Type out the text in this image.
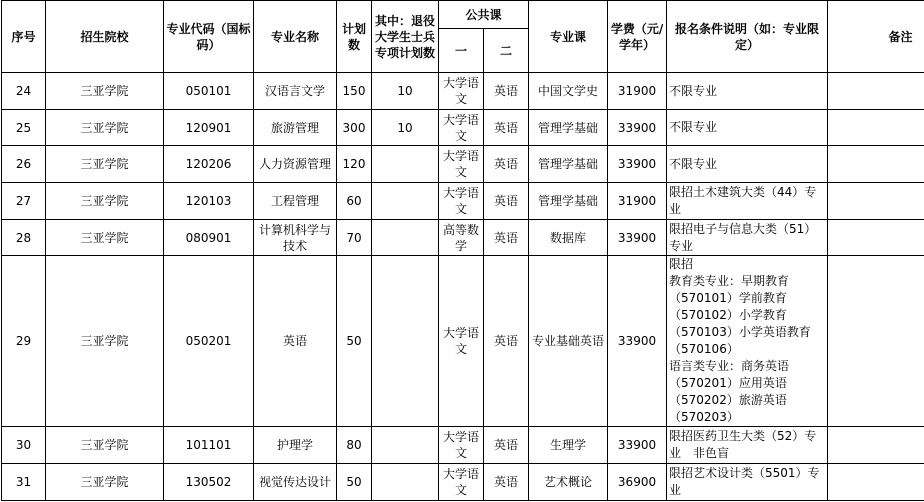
序号	招生院校	专业代码（国标码）	专业名称	计划数	其中：退役大学生士兵专项计划数	公共课		专业课	学费（元/学年）	报名条件说明（如：专业限定）	备注
						一	二				
24	三亚学院	050101	汉语言文学	150	10	大学语文	英语	中国文学史	31900	不限专业	
25	三亚学院	120901	旅游管理	300	10	大学语文	英语	管理学基础	33900	不限专业	
26	三亚学院	120206	人力资源管理	120		大学语文	英语	管理学基础	33900	不限专业	
27	三亚学院	120103	工程管理	60		大学语文	英语	管理学基础	31900	限招土木建筑大类（44）专业	
28	三亚学院	080901	计算机科学与技术	70		高等数学	英语	数据库	33900	限招电子与信息大类（51）专业	
29	三亚学院	050201	英语	50		大学语文	英语	专业基础英语	33900	限招
教育类专业：早期教育（570101）学前教育（570102）小学教育（570103）小学英语教育（570106）
语言类专业：商务英语（570201）应用英语（570202）旅游英语（570203）	
30	三亚学院	101101	护理学	80		大学语文	英语	生理学	33900	限招医药卫生大类（52）专业　非色盲	
31	三亚学院	130502	视觉传达设计	50		大学语文	英语	艺术概论	36900	限招艺术设计类（5501）专业	
